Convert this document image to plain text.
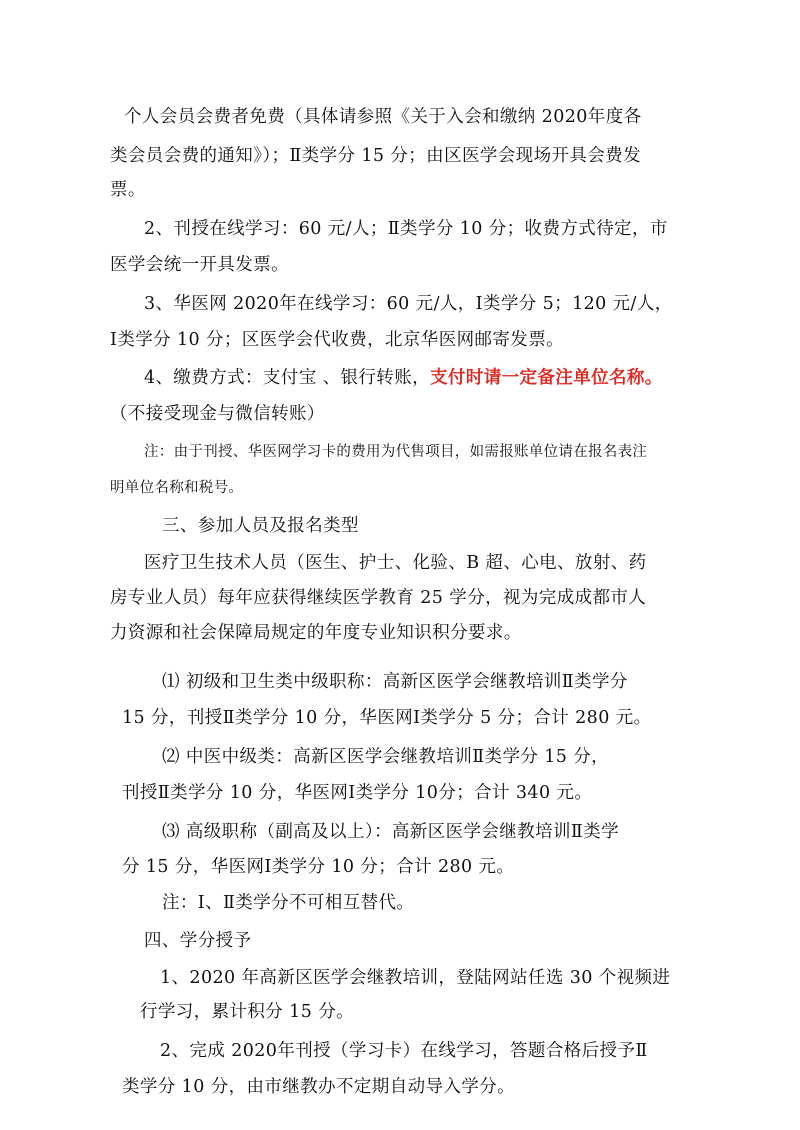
个人会员会费者免费（具体请参照《关于入会和缴纳 2020年度各
类会员会费的通知》）；Ⅱ类学分 15 分；由区医学会现场开具会费发
票。
2、刊授在线学习：60 元/人；Ⅱ类学分 10 分；收费方式待定，市
医学会统一开具发票。
3、华医网 2020年在线学习：60 元/人，Ⅰ类学分 5；120 元/人，
Ⅰ类学分 10 分；区医学会代收费，北京华医网邮寄发票。
4、缴费方式：支付宝 、银行转账，支付时请一定备注单位名称。
（不接受现金与微信转账）
注：由于刊授、华医网学习卡的费用为代售项目，如需报账单位请在报名表注
明单位名称和税号。
三、参加人员及报名类型
医疗卫生技术人员（医生、护士、化验、B 超、心电、放射、药
房专业人员）每年应获得继续医学教育 25 学分，视为完成成都市人
力资源和社会保障局规定的年度专业知识积分要求。
⑴ 初级和卫生类中级职称：高新区医学会继教培训Ⅱ类学分
15 分，刊授Ⅱ类学分 10 分，华医网Ⅰ类学分 5 分；合计 280 元。
⑵ 中医中级类：高新区医学会继教培训Ⅱ类学分 15 分，
刊授Ⅱ类学分 10 分，华医网Ⅰ类学分 10分；合计 340 元。
⑶ 高级职称（副高及以上）：高新区医学会继教培训Ⅱ类学
分 15 分，华医网Ⅰ类学分 10 分；合计 280 元。
注：Ⅰ、Ⅱ类学分不可相互替代。
四、学分授予
1、2020 年高新区医学会继教培训，登陆网站任选 30 个视频进
行学习，累计积分 15 分。
2、完成 2020年刊授（学习卡）在线学习，答题合格后授予Ⅱ
类学分 10 分，由市继教办不定期自动导入学分。
